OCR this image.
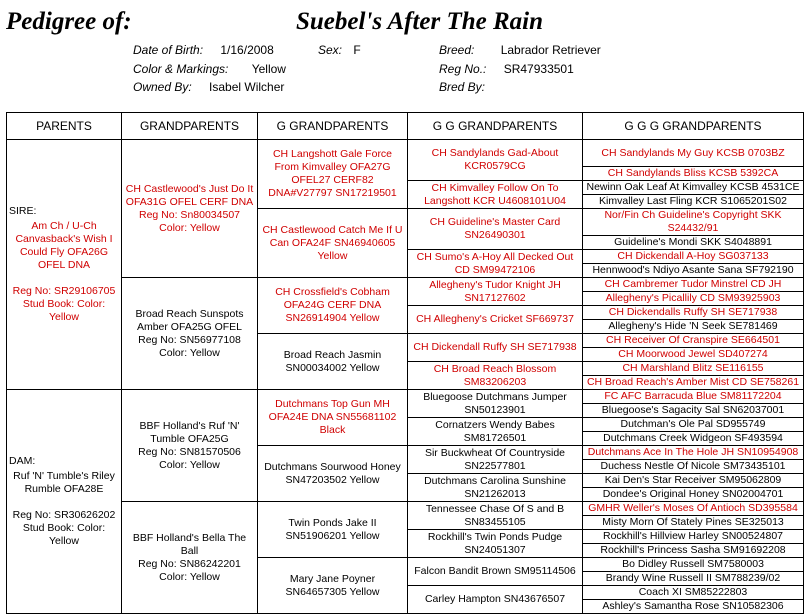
Pedigree of:	Suebel's After The Rain
Date of Birth: 1/16/2008	Sex: F	Breed: Labrador Retriever
Color & Markings: Yellow	Reg No.: SR47933501
Owned By: Isabel Wilcher	Bred By:
PARENTS	GRANDPARENTS	G GRANDPARENTS	G G GRANDPARENTS	G G G GRANDPARENTS

SIRE:
Am Ch / U-Ch Canvasback's Wish I Could Fly OFA26G OFEL DNA
Reg No: SR29106705
Stud Book: Color: Yellow	CH Castlewood's Just Do It OFA31G OFEL CERF DNA
Reg No: Sn80034507
Color: Yellow	CH Langshott Gale Force From Kimvalley OFA27G OFEL27 CERF82 DNA#V27797 SN17219501	CH Sandylands Gad-About KCR0579CG	CH Sandylands My Guy KCSB 0703BZ
				CH Sandylands Bliss KCSB 5392CA
			CH Kimvalley Follow On To Langshott KCR U4608101U04	Newinn Oak Leaf At Kimvalley KCSB 4531CE
				Kimvalley Last Fling KCR S1065201S02
		CH Castlewood Catch Me If U Can OFA24F SN46940605 Yellow	CH Guideline's Master Card SN26490301	Nor/Fin Ch Guideline's Copyright SKK S24432/91
				Guideline's Mondi SKK S4048891
			CH Sumo's A-Hoy All Decked Out CD SM99472106	CH Dickendall A-Hoy SG037133
				Hennwood's Ndiyo Asante Sana SF792190

	Broad Reach Sunspots Amber OFA25G OFEL
Reg No: SN56977108
Color: Yellow	CH Crossfield's Cobham OFA24G CERF DNA SN26914904 Yellow	Allegheny's Tudor Knight JH SN17127602	CH Cambremer Tudor Minstrel CD JH
				Allegheny's Picallily CD SM93925903
			CH Allegheny's Cricket SF669737	CH Dickendalls Ruffy SH SE717938
				Allegheny's Hide 'N Seek SE781469
		Broad Reach Jasmin SN00034002 Yellow	CH Dickendall Ruffy SH SE717938	CH Receiver Of Cranspire SE664501
				CH Moorwood Jewel SD407274
			CH Broad Reach Blossom SM83206203	CH Marshland Blitz SE116155
				CH Broad Reach's Amber Mist CD SE758261

DAM:
Ruf 'N' Tumble's Riley Rumble OFA28E
Reg No: SR30626202
Stud Book: Color: Yellow	BBF Holland's Ruf 'N' Tumble OFA25G
Reg No: SN81570506
Color: Yellow	Dutchmans Top Gun MH OFA24E DNA SN55681102 Black	Bluegoose Dutchmans Jumper SN50123901	FC AFC Barracuda Blue SM81172204
				Bluegoose's Sagacity Sal SN62037001
			Cornatzers Wendy Babes SM81726501	Dutchman's Ole Pal SD955749
				Dutchmans Creek Widgeon SF493594
		Dutchmans Sourwood Honey SN47203502 Yellow	Sir Buckwheat Of Countryside SN22577801	Dutchmans Ace In The Hole JH SN10954908
				Duchess Nestle Of Nicole SM73435101
			Dutchmans Carolina Sunshine SN21262013	Kai Den's Star Receiver SM95062809
				Dondee's Original Honey SN02004701

	BBF Holland's Bella The Ball
Reg No: SN86242201
Color: Yellow	Twin Ponds Jake II SN51906201 Yellow	Tennessee Chase Of S and B SN83455105	GMHR Weller's Moses Of Antioch SD395584
				Misty Morn Of Stately Pines SE325013
			Rockhill's Twin Ponds Pudge SN24051307	Rockhill's Hillview Harley SN00524807
				Rockhill's Princess Sasha SM91692208
		Mary Jane Poyner SN64657305 Yellow	Falcon Bandit Brown SM95114506	Bo Didley Russell SM7580003
				Brandy Wine Russell II SM788239/02
			Carley Hampton SN43676507	Coach XI SM85222803
				Ashley's Samantha Rose SN10582306
